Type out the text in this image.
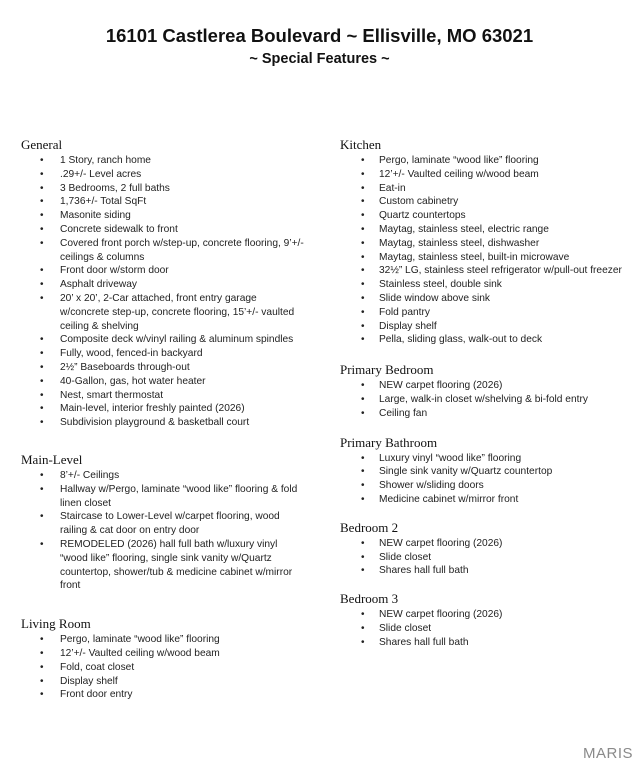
16101 Castlerea Boulevard ~ Ellisville, MO 63021
~ Special Features ~
General
• 1 Story, ranch home
• .29+/- Level acres
• 3 Bedrooms, 2 full baths
• 1,736+/- Total SqFt
• Masonite siding
• Concrete sidewalk to front
• Covered front porch w/step-up, concrete flooring, 9’+/- ceilings & columns
• Front door w/storm door
• Asphalt driveway
• 20’ x 20’, 2-Car attached, front entry garage w/concrete step-up, concrete flooring, 15’+/- vaulted ceiling & shelving
• Composite deck w/vinyl railing & aluminum spindles
• Fully, wood, fenced-in backyard
• 2½” Baseboards through-out
• 40-Gallon, gas, hot water heater
• Nest, smart thermostat
• Main-level, interior freshly painted (2026)
• Subdivision playground & basketball court
Main-Level
• 8’+/- Ceilings
• Hallway w/Pergo, laminate “wood like” flooring & fold linen closet
• Staircase to Lower-Level w/carpet flooring, wood railing & cat door on entry door
• REMODELED (2026) hall full bath w/luxury vinyl “wood like” flooring, single sink vanity w/Quartz countertop, shower/tub & medicine cabinet w/mirror front
Living Room
• Pergo, laminate “wood like” flooring
• 12’+/- Vaulted ceiling w/wood beam
• Fold, coat closet
• Display shelf
• Front door entry
Kitchen
• Pergo, laminate “wood like” flooring
• 12’+/- Vaulted ceiling w/wood beam
• Eat-in
• Custom cabinetry
• Quartz countertops
• Maytag, stainless steel, electric range
• Maytag, stainless steel, dishwasher
• Maytag, stainless steel, built-in microwave
• 32½” LG, stainless steel refrigerator w/pull-out freezer
• Stainless steel, double sink
• Slide window above sink
• Fold pantry
• Display shelf
• Pella, sliding glass, walk-out to deck
Primary Bedroom
• NEW carpet flooring (2026)
• Large, walk-in closet w/shelving & bi-fold entry
• Ceiling fan
Primary Bathroom
• Luxury vinyl “wood like” flooring
• Single sink vanity w/Quartz countertop
• Shower w/sliding doors
• Medicine cabinet w/mirror front
Bedroom 2
• NEW carpet flooring (2026)
• Slide closet
• Shares hall full bath
Bedroom 3
• NEW carpet flooring (2026)
• Slide closet
• Shares hall full bath
MARIS
